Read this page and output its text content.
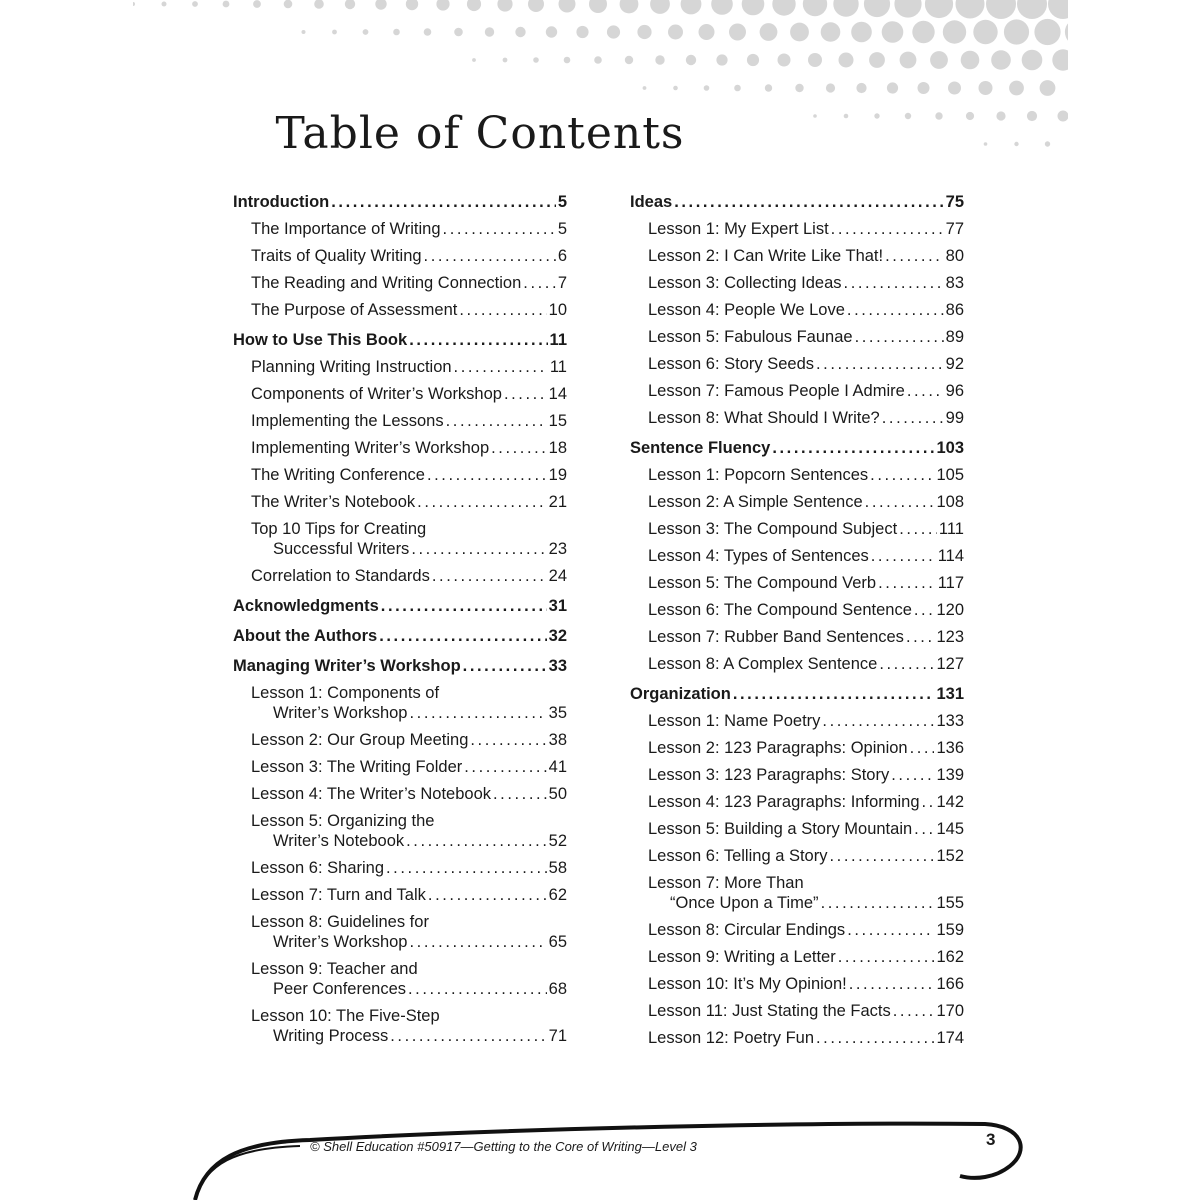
Table of Contents
Introduction . . .	5
The Importance of Writing . . .	5
Traits of Quality Writing . . .	6
The Reading and Writing Connection . . . 7
The Purpose of Assessment . . .	10
How to Use This Book . . .	11
Planning Writing Instruction . . .	11
Components of Writer’s Workshop . . .	14
Implementing the Lessons . . .	15
Implementing Writer’s Workshop . . .	18
The Writing Conference . . .	19
The Writer’s Notebook . . .	21
Top 10 Tips for Creating
Successful Writers . . .	23
Correlation to Standards . . .	24
Acknowledgments . . .	31
About the Authors . . .	32
Managing Writer’s Workshop . . .	33
Lesson 1: Components of
Writer’s Workshop . . .	35
Lesson 2: Our Group Meeting . . .	38
Lesson 3: The Writing Folder . . .	41
Lesson 4: The Writer’s Notebook . . .	50
Lesson 5: Organizing the
Writer’s Notebook . . .	52
Lesson 6: Sharing . . .	58
Lesson 7: Turn and Talk . . .	62
Lesson 8: Guidelines for
Writer’s Workshop . . .	65
Lesson 9: Teacher and
Peer Conferences . . .	68
Lesson 10: The Five-Step
Writing Process . . .	71
Ideas . . .	75
Lesson 1: My Expert List . . .	77
Lesson 2: I Can Write Like That! . . .	80
Lesson 3: Collecting Ideas . . .	83
Lesson 4: People We Love . . .	86
Lesson 5: Fabulous Faunae . . .	89
Lesson 6: Story Seeds . . .	92
Lesson 7: Famous People I Admire . . . 96
Lesson 8: What Should I Write? . . .	99
Sentence Fluency . . .	103
Lesson 1: Popcorn Sentences . . .	105
Lesson 2: A Simple Sentence . . .	108
Lesson 3: The Compound Subject . . .	111
Lesson 4: Types of Sentences . . .	114
Lesson 5: The Compound Verb . . .	117
Lesson 6: The Compound Sentence . . . 120
Lesson 7: Rubber Band Sentences . . . 123
Lesson 8: A Complex Sentence . . .	127
Organization . . .	131
Lesson 1: Name Poetry . . .	133
Lesson 2: 123 Paragraphs: Opinion . . . 136
Lesson 3: 123 Paragraphs: Story . . .	139
Lesson 4: 123 Paragraphs: Informing . . . 142
Lesson 5: Building a Story Mountain . . . 145
Lesson 6: Telling a Story . . .	152
Lesson 7: More Than
“Once Upon a Time” . . .	155
Lesson 8: Circular Endings . . .	159
Lesson 9: Writing a Letter . . .	162
Lesson 10: It’s My Opinion! . . .	166
Lesson 11: Just Stating the Facts . . .	170
Lesson 12: Poetry Fun . . .	174
© Shell Education #50917—Getting to the Core of Writing—Level 3	3
